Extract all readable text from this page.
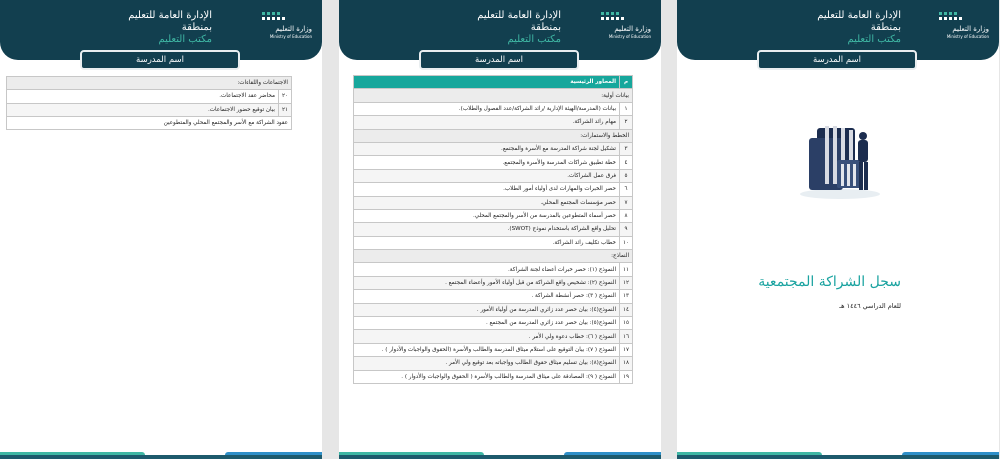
وزارة التعليم
Ministry of Education
الإدارة العامة للتعليم
بمنطقة
مكتب التعليم
اسم المدرسة
الاجتماعات واللقاءات:	
٢٠	محاضر عقد الاجتماعات.
٢١	بيان توقيع حضور الاجتماعات.
عقود الشراكة مع الأسر والمجتمع المحلي والمتطوعين	
وزارة التعليم
Ministry of Education
الإدارة العامة للتعليم
بمنطقة
مكتب التعليم
اسم المدرسة
م	المحاور الرئيسية
بيانات أولية:	
١	بيانات (المدرسة/الهيئة الإدارية /رائد الشراكة/عدد الفصول والطلاب).
٢	مهام رائد الشراكة.
الخطط والاستمارات:	
٣	تشكيل لجنة شراكة المدرسة مع الأسرة والمجتمع.
٤	خطة تطبيق شراكات المدرسة والأسرة والمجتمع.
٥	فرق عمل الشراكات.
٦	حصر الخبرات والمهارات لدى أولياء أمور الطلاب.
٧	حصر مؤسسات المجتمع المحلي.
٨	حصر أسماء المتطوعين بالمدرسة من الأسر والمجتمع المحلي.
٩	تحليل واقع الشراكة باستخدام نموذج (SWOT).
١٠	خطاب تكليف رائد الشراكة.
النماذج:	
١١	النموذج (١): حصر خبرات أعضاء لجنة الشراكة.
١٢	النموذج (٢): تشخيص واقع الشراكة من قبل أولياء الأمور وأعضاء المجتمع .
١٣	النموذج ( ٣): حصر أنشطة الشراكة .
١٤	النموذج(٤): بيان حصر عدد زائري المدرسة من أولياء الأمور .
١٥	النموذج(٥): بيان حصر عدد زائري المدرسة من المجتمع .
١٦	النموذج ( ٦): خطاب دعوة ولي الأمر .
١٧	النموذج ( ٧): بيان التوقيع على استلام ميثاق المدرسة والطالب والأسرة (الحقوق والواجبات والأدوار ) .
١٨	النموذج(٨): بيان تسليم ميثاق حقوق الطالب وواجباته بعد توقيع ولي الأمر .
١٩	النموذج ( ٩): المصادقة على ميثاق المدرسة والطالب والأسرة ( الحقوق والواجبات والأدوار ) .
وزارة التعليم
Ministry of Education
الإدارة العامة للتعليم
بمنطقة
مكتب التعليم
اسم المدرسة
سجل الشراكة المجتمعية
للعام الدراسي ١٤٤٦ هـ
